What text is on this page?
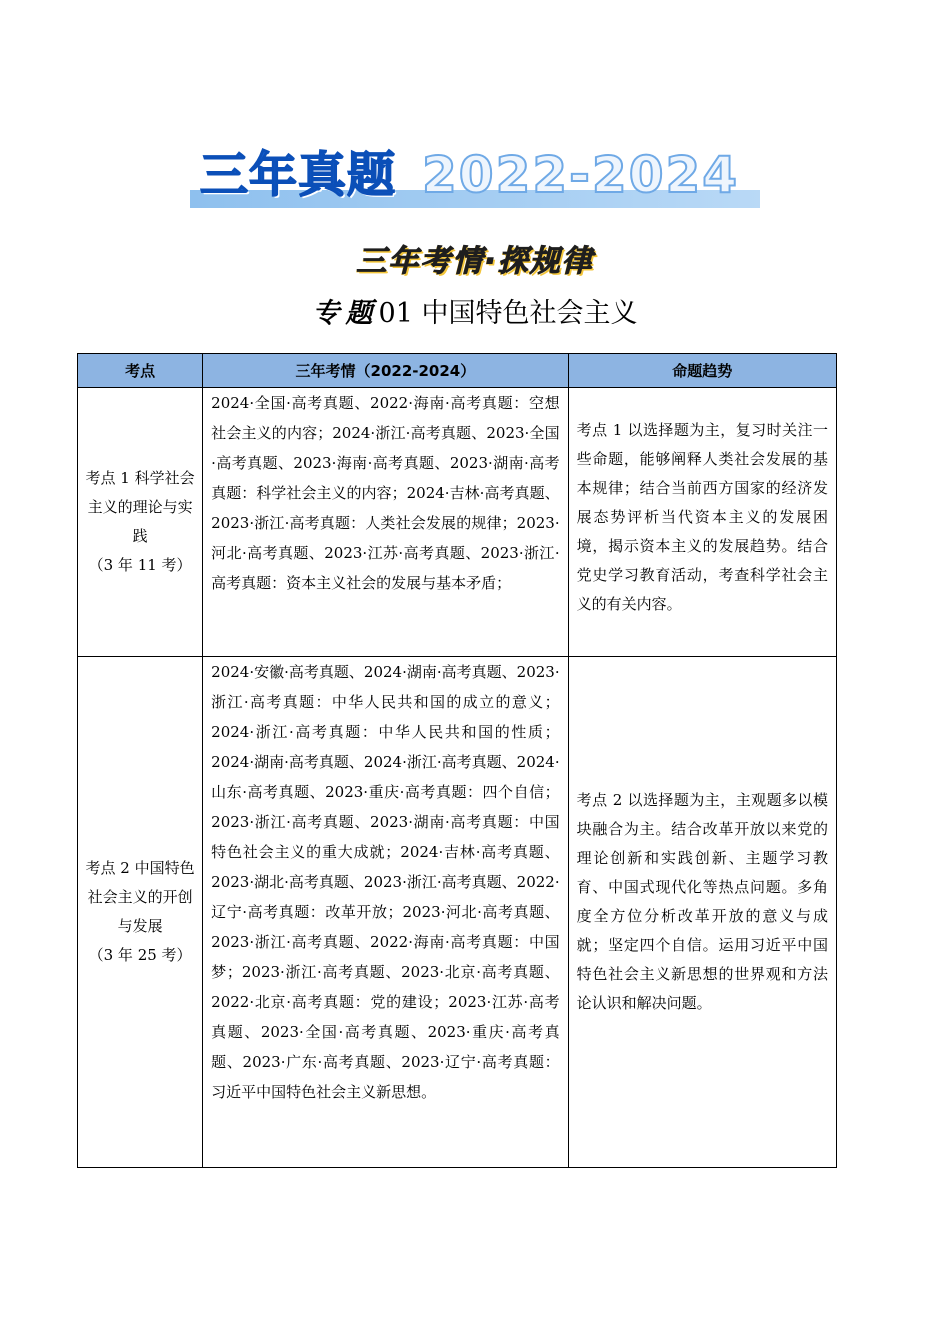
三年真题 2022-2024
三年考情·探规律
专题01 中国特色社会主义
考点	三年考情（2022-2024）	命题趋势

考点 1 科学社会主义的理论与实践
（3 年 11 考）	2024·全国·高考真题、2022·海南·高考真题：空想社会主义的内容；2024·浙江·高考真题、2023·全国·高考真题、2023·海南·高考真题、2023·湖南·高考真题：科学社会主义的内容；2024·吉林·高考真题、2023·浙江·高考真题：人类社会发展的规律；2023·河北·高考真题、2023·江苏·高考真题、2023·浙江·高考真题：资本主义社会的发展与基本矛盾；	考点 1 以选择题为主，复习时关注一些命题，能够阐释人类社会发展的基本规律；结合当前西方国家的经济发展态势评析当代资本主义的发展困境，揭示资本主义的发展趋势。结合党史学习教育活动，考查科学社会主义的有关内容。

考点 2 中国特色社会主义的开创与发展
（3 年 25 考）	2024·安徽·高考真题、2024·湖南·高考真题、2023·浙江·高考真题：中华人民共和国的成立的意义；2024·浙江·高考真题：中华人民共和国的性质；2024·湖南·高考真题、2024·浙江·高考真题、2024·山东·高考真题、2023·重庆·高考真题：四个自信；2023·浙江·高考真题、2023·湖南·高考真题：中国特色社会主义的重大成就；2024·吉林·高考真题、2023·湖北·高考真题、2023·浙江·高考真题、2022·辽宁·高考真题：改革开放；2023·河北·高考真题、2023·浙江·高考真题、2022·海南·高考真题：中国梦；2023·浙江·高考真题、2023·北京·高考真题、2022·北京·高考真题：党的建设；2023·江苏·高考真题、2023·全国·高考真题、2023·重庆·高考真题、2023·广东·高考真题、2023·辽宁·高考真题：习近平中国特色社会主义新思想。	考点 2 以选择题为主，主观题多以模块融合为主。结合改革开放以来党的理论创新和实践创新、主题学习教育、中国式现代化等热点问题。多角度全方位分析改革开放的意义与成就；坚定四个自信。运用习近平中国特色社会主义新思想的世界观和方法论认识和解决问题。
